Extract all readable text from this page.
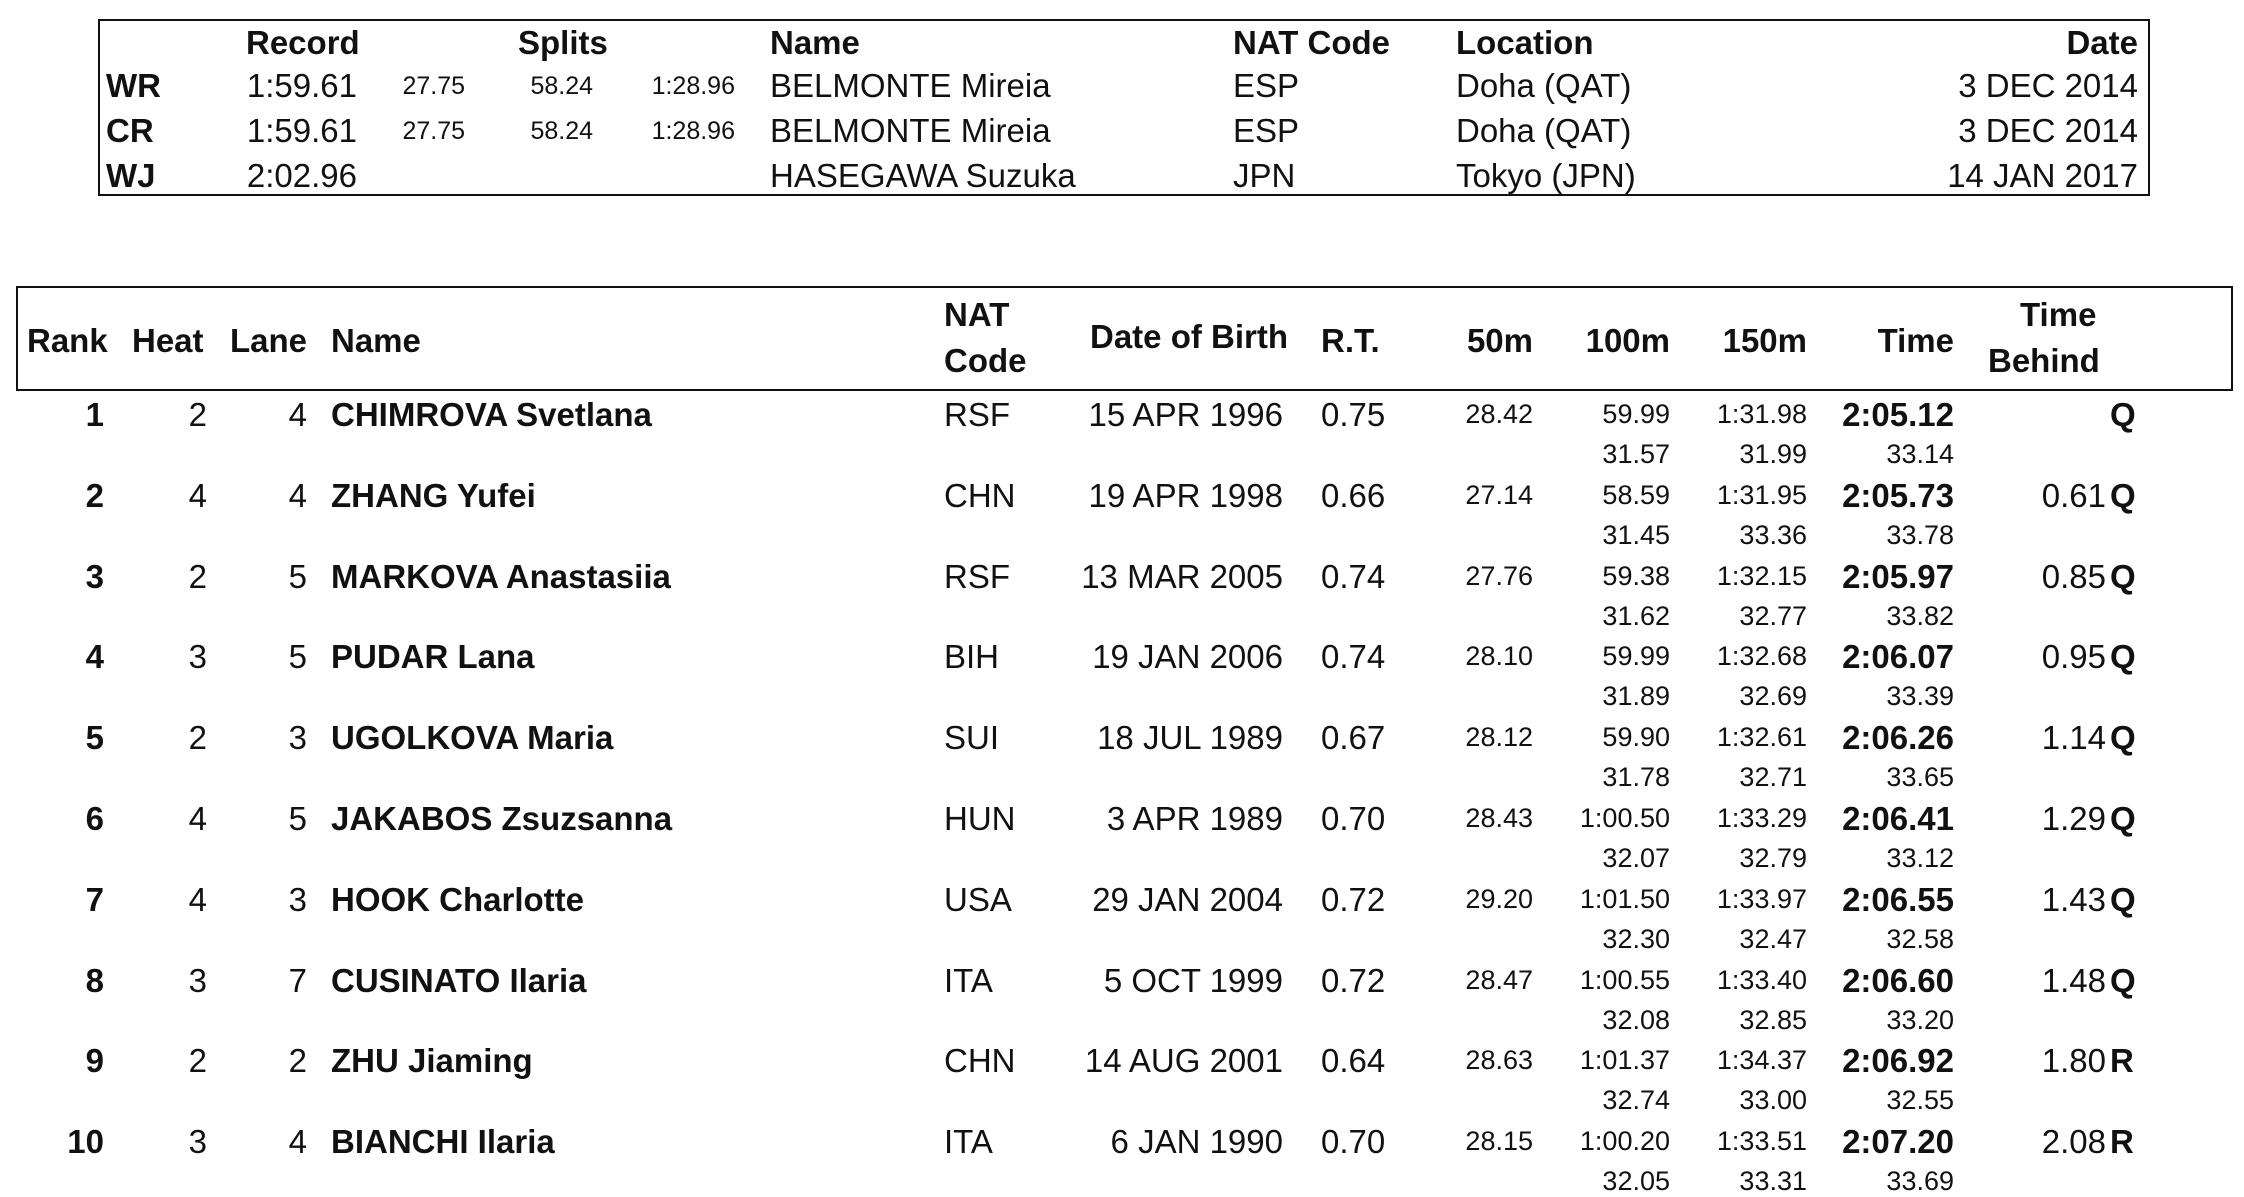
Record	Splits	Name	NAT Code Location	Date
WR	1:59.61	27.75	58.24	1:28.96 BELMONTE Mireia	ESP	Doha (QAT)	3 DEC 2014
CR	1:59.61	27.75	58.24	1:28.96 BELMONTE Mireia	ESP	Doha (QAT)	3 DEC 2014
WJ	2:02.96	HASEGAWA Suzuka	JPN	Tokyo (JPN)	14 JAN 2017
Rank Heat Lane Name
NAT
Code
Date of Birth R.T.	50m	100m	150m	Time
Time
Behind
1	2	4 CHIMROVA Svetlana	RSF	15 APR 1996 0.75	28.42	59.99	1:31.98	2:05.12	Q
31.57	31.99	33.14
2	4	4 ZHANG Yufei	CHN	19 APR 1998 0.66	27.14	58.59	1:31.95	2:05.73	0.61 Q
31.45	33.36	33.78
3	2	5 MARKOVA Anastasiia	RSF	13 MAR 2005 0.74	27.76	59.38	1:32.15	2:05.97	0.85 Q
31.62	32.77	33.82
4	3	5 PUDAR Lana	BIH	19 JAN 2006 0.74	28.10	59.99	1:32.68	2:06.07	0.95 Q
31.89	32.69	33.39
5	2	3 UGOLKOVA Maria	SUI	18 JUL 1989 0.67	28.12	59.90	1:32.61	2:06.26	1.14 Q
31.78	32.71	33.65
6	4	5 JAKABOS Zsuzsanna	HUN	3 APR 1989 0.70	28.43	1:00.50	1:33.29	2:06.41	1.29 Q
32.07	32.79	33.12
7	4	3 HOOK Charlotte	USA	29 JAN 2004 0.72	29.20	1:01.50	1:33.97	2:06.55	1.43 Q
32.30	32.47	32.58
8	3	7 CUSINATO Ilaria	ITA	5 OCT 1999 0.72	28.47	1:00.55	1:33.40	2:06.60	1.48 Q
32.08	32.85	33.20
9	2	2 ZHU Jiaming	CHN	14 AUG 2001 0.64	28.63	1:01.37	1:34.37	2:06.92	1.80 R
32.74	33.00	32.55
10	3	4 BIANCHI Ilaria	ITA	6 JAN 1990 0.70	28.15	1:00.20	1:33.51	2:07.20	2.08 R
32.05	33.31	33.69
